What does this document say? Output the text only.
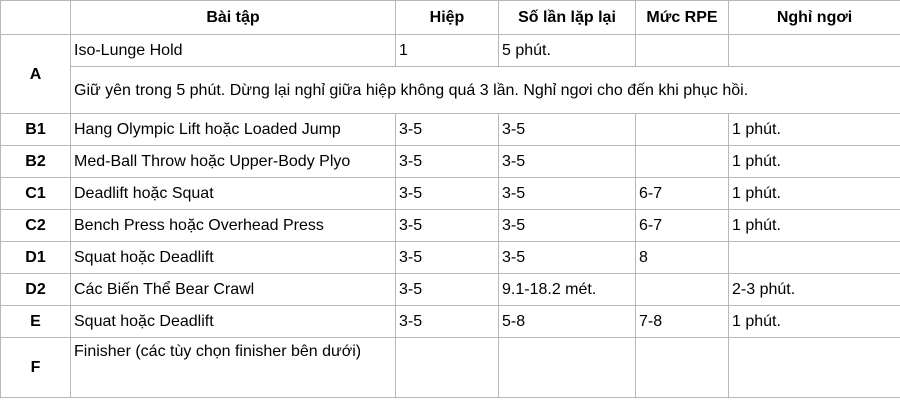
	Bài tập	Hiệp	Số lần lặp lại	Mức RPE	Nghỉ ngơi
A	Iso-Lunge Hold	1	5 phút.		
	Giữ yên trong 5 phút. Dừng lại nghỉ giữa hiệp không quá 3 lần. Nghỉ ngơi cho đến khi phục hồi.				
B1	Hang Olympic Lift hoặc Loaded Jump	3-5	3-5		1 phút.
B2	Med-Ball Throw hoặc Upper-Body Plyo	3-5	3-5		1 phút.
C1	Deadlift hoặc Squat	3-5	3-5	6-7	1 phút.
C2	Bench Press hoặc Overhead Press	3-5	3-5	6-7	1 phút.
D1	Squat hoặc Deadlift	3-5	3-5	8	
D2	Các Biến Thể Bear Crawl	3-5	9.1-18.2 mét.		2-3 phút.
E	Squat hoặc Deadlift	3-5	5-8	7-8	1 phút.
F	Finisher (các tùy chọn finisher bên dưới)				
